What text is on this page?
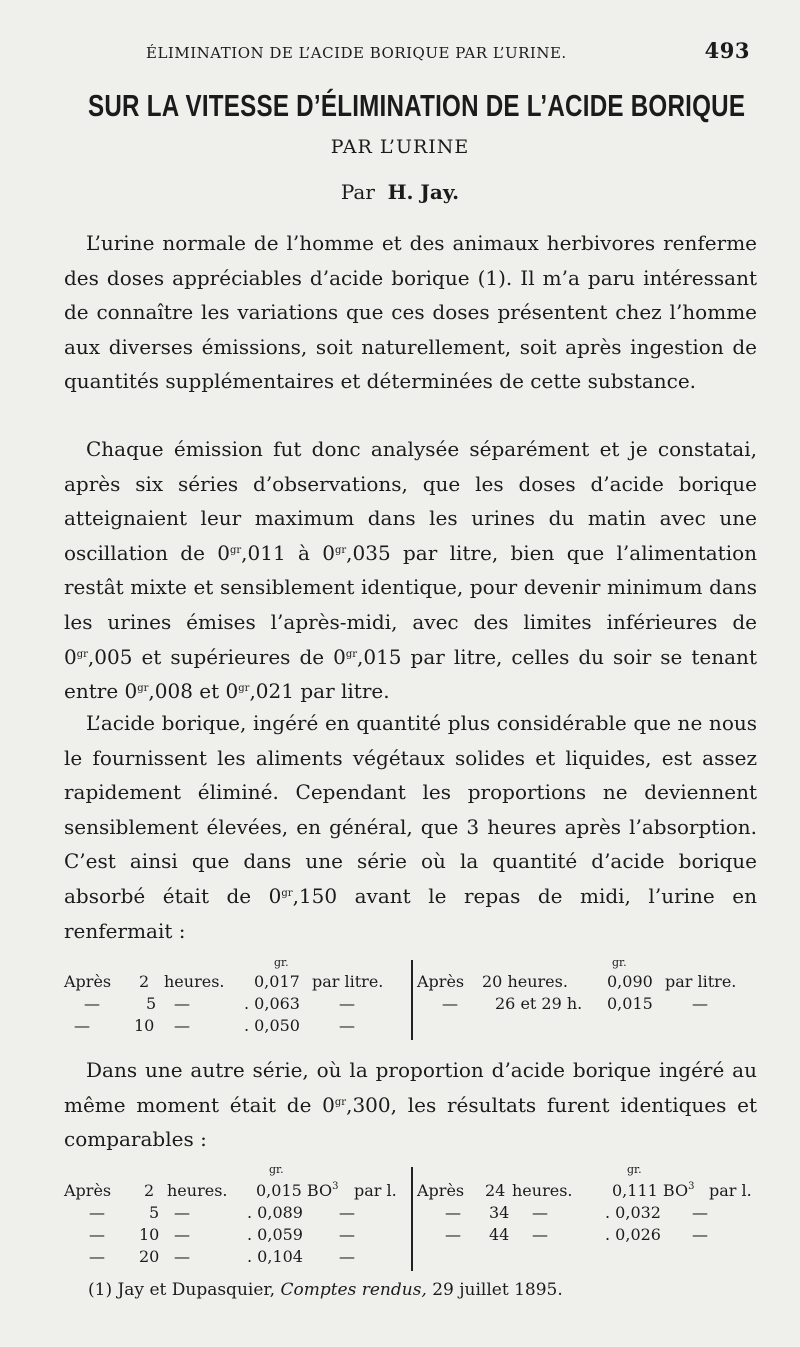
ÉLIMINATION DE L’ACIDE BORIQUE PAR L’URINE.	493
SUR LA VITESSE D’ÉLIMINATION DE L’ACIDE BORIQUE
PAR L’URINE
Par H. Jay.

L’urine normale de l’homme et des animaux herbivores renferme des doses appréciables d’acide borique (1). Il m’a paru intéressant de connaître les variations que ces doses présentent chez l’homme aux diverses émissions, soit naturellement, soit après ingestion de quantités supplémentaires et déterminées de cette substance.

Chaque émission fut donc analysée séparément et je constatai, après six séries d’observations, que les doses d’acide borique atteignaient leur maximum dans les urines du matin avec une oscillation de $0^{gr},011$ à $0^{gr},035$ par litre, bien que l’alimentation restât mixte et sensiblement identique, pour devenir minimum dans les urines émises l’après-midi, avec des limites inférieures de $0^{gr},005$ et supérieures de $0^{gr},015$ par litre, celles du soir se tenant entre $0^{gr},008$ et $0^{gr},021$ par litre.

L’acide borique, ingéré en quantité plus considérable que ne nous le fournissent les aliments végétaux solides et liquides, est assez rapidement éliminé. Cependant les proportions ne deviennent sensiblement élevées, en général, que 3 heures après l’absorption. C’est ainsi que dans une série où la quantité d’acide borique absorbé était de $0^{gr},150$ avant le repas de midi, l’urine en renfermait :

gr.
Après 2 heures. 0,017 par litre.
—	5 —	. 0,063 —
—	10 —	. 0,050 —
gr.
Après 20 heures. 0,090 par litre.
— 26 et 29 h. 0,015 —

Dans une autre série, où la proportion d’acide borique ingéré au même moment était de $0^{gr},300$, les résultats furent identiques et comparables :

gr.
Après 2 heures. 0,015 $BO^3$ par l.
—	5 —	. 0,089 —
— 10 —	. 0,059 —
— 20 —	. 0,104 —
gr.
Après 24 heures. 0,111 $BO^3$ par l.
— 34 —	. 0,032 —
— 44 —	. 0,026 —
(1) Jay et Dupasquier, Comptes rendus, 29 juillet 1895.
